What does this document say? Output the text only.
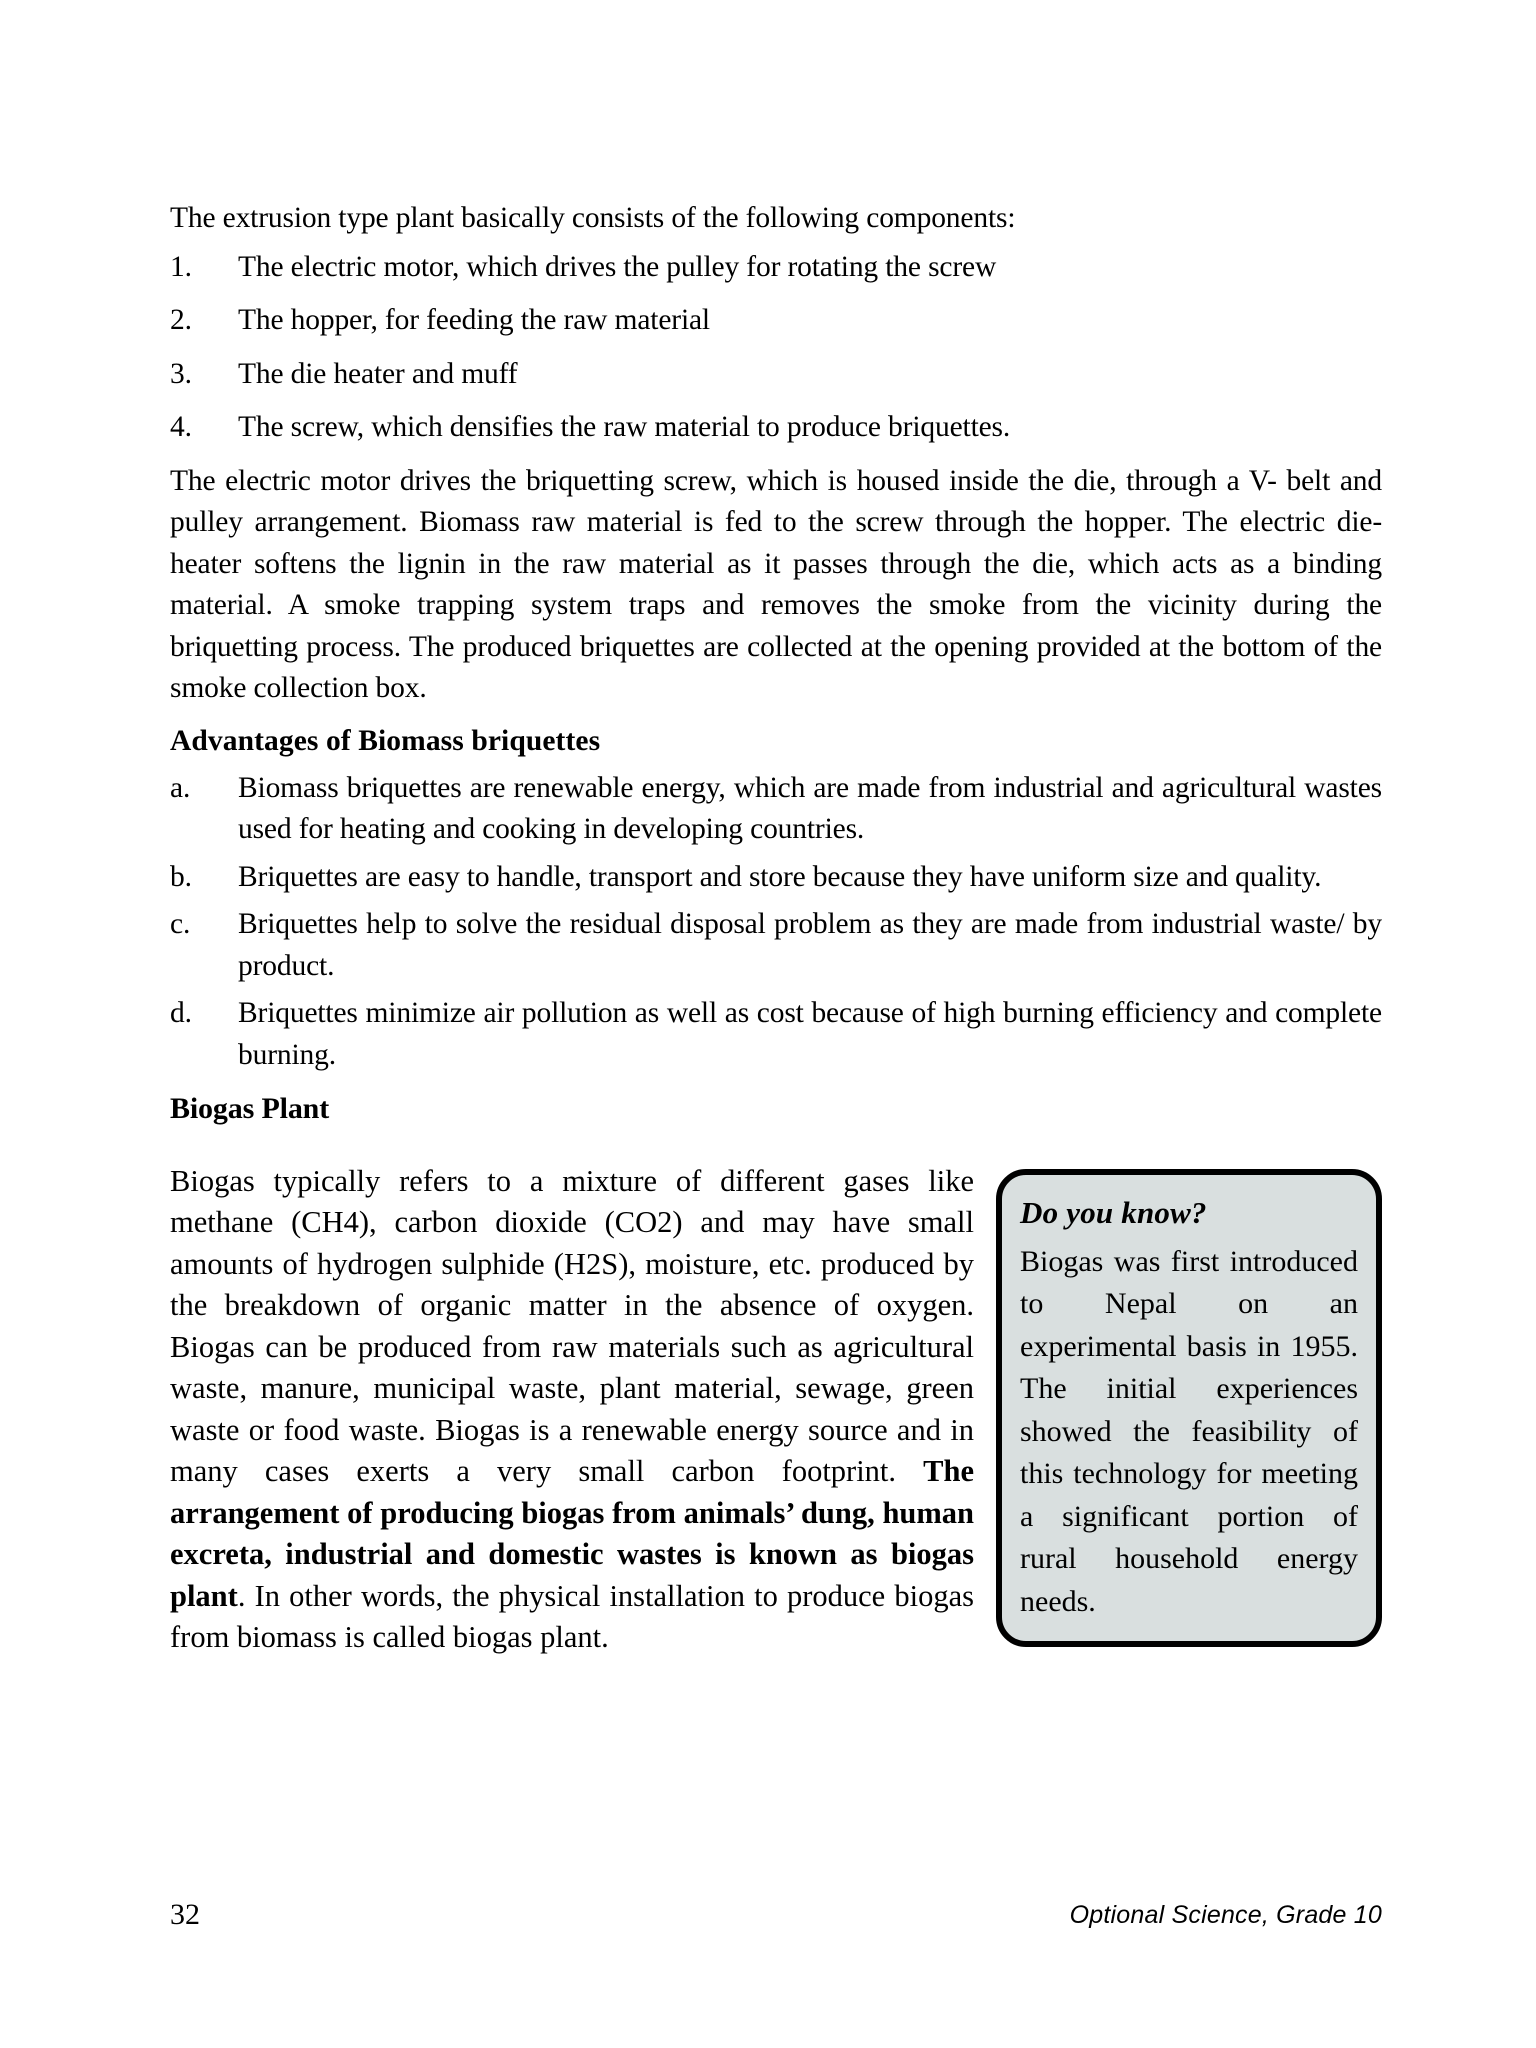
The extrusion type plant basically consists of the following components:

1.	The electric motor, which drives the pulley for rotating the screw
2.	The hopper, for feeding the raw material
3.	The die heater and muff
4.	The screw, which densifies the raw material to produce briquettes.

The electric motor drives the briquetting screw, which is housed inside the die, through a V- belt and pulley arrangement. Biomass raw material is fed to the screw through the hopper. The electric die-heater softens the lignin in the raw material as it passes through the die, which acts as a binding material. A smoke trapping system traps and removes the smoke from the vicinity during the briquetting process. The produced briquettes are collected at the opening provided at the bottom of the smoke collection box.

Advantages of Biomass briquettes
a.	Biomass briquettes are renewable energy, which are made from industrial and agricultural wastes used for heating and cooking in developing countries.
b.	Briquettes are easy to handle, transport and store because they have uniform size and quality.
c.	Briquettes help to solve the residual disposal problem as they are made from industrial waste/ by product.
d.	Briquettes minimize air pollution as well as cost because of high burning efficiency and complete burning.
Biogas Plant
Do you know?
Biogas was first introduced to Nepal on an experimental basis in 1955. The initial experiences showed the feasibility of this technology for meeting a significant portion of rural household energy needs.

Biogas typically refers to a mixture of different gases like methane (CH4), carbon dioxide (CO2) and may have small amounts of hydrogen sulphide (H2S), moisture, etc. produced by the breakdown of organic matter in the absence of oxygen. Biogas can be produced from raw materials such as agricultural waste, manure, municipal waste, plant material, sewage, green waste or food waste. Biogas is a renewable energy source and in many cases exerts a very small carbon footprint. The arrangement of producing biogas from animals’ dung, human excreta, industrial and domestic wastes is known as biogas plant. In other words, the physical installation to produce biogas from biomass is called biogas plant.

32	Optional Science, Grade 10
